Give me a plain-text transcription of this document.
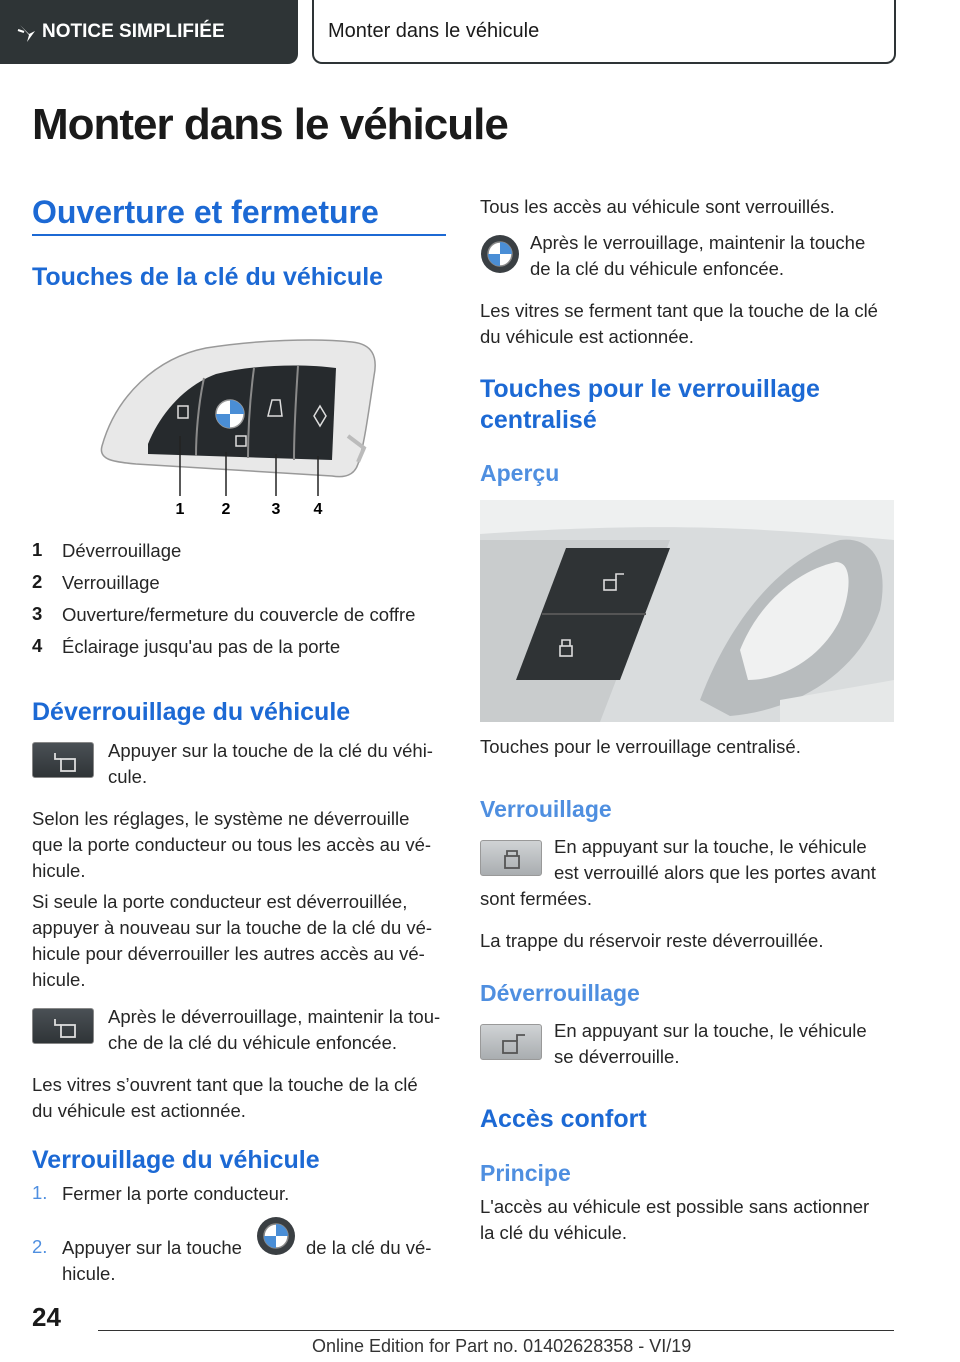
NOTICE SIMPLIFIÉE	Monter dans le véhicule
Monter dans le véhicule
Ouverture et fermeture
Touches de la clé du véhicule
1 2	3 4
1 Déverrouillage
2 Verrouillage
3 Ouverture/fermeture du couvercle de coffre
4 Éclairage jusqu'au pas de la porte
Déverrouillage du véhicule
Appuyer sur la touche de la clé du véhi-
cule.
Selon les réglages, le système ne déverrouille
que la porte conducteur ou tous les accès au vé-
hicule.
Si seule la porte conducteur est déverrouillée,
appuyer à nouveau sur la touche de la clé du vé-
hicule pour déverrouiller les autres accès au vé-
hicule.
Après le déverrouillage, maintenir la tou-
che de la clé du véhicule enfoncée.
Les vitres s’ouvrent tant que la touche de la clé
du véhicule est actionnée.
Verrouillage du véhicule
1. Fermer la porte conducteur.
2. Appuyer sur la touche	de la clé du vé-
hicule.
Tous les accès au véhicule sont verrouillés.
Après le verrouillage, maintenir la touche
de la clé du véhicule enfoncée.
Les vitres se ferment tant que la touche de la clé
du véhicule est actionnée.
Touches pour le verrouillage
centralisé
Aperçu
Touches pour le verrouillage centralisé.
Verrouillage
En appuyant sur la touche, le véhicule
est verrouillé alors que les portes avant
sont fermées.
La trappe du réservoir reste déverrouillée.
Déverrouillage
En appuyant sur la touche, le véhicule
se déverrouille.
Accès confort
Principe
L'accès au véhicule est possible sans actionner
la clé du véhicule.
24
Online Edition for Part no. 01402628358 - VI/19
